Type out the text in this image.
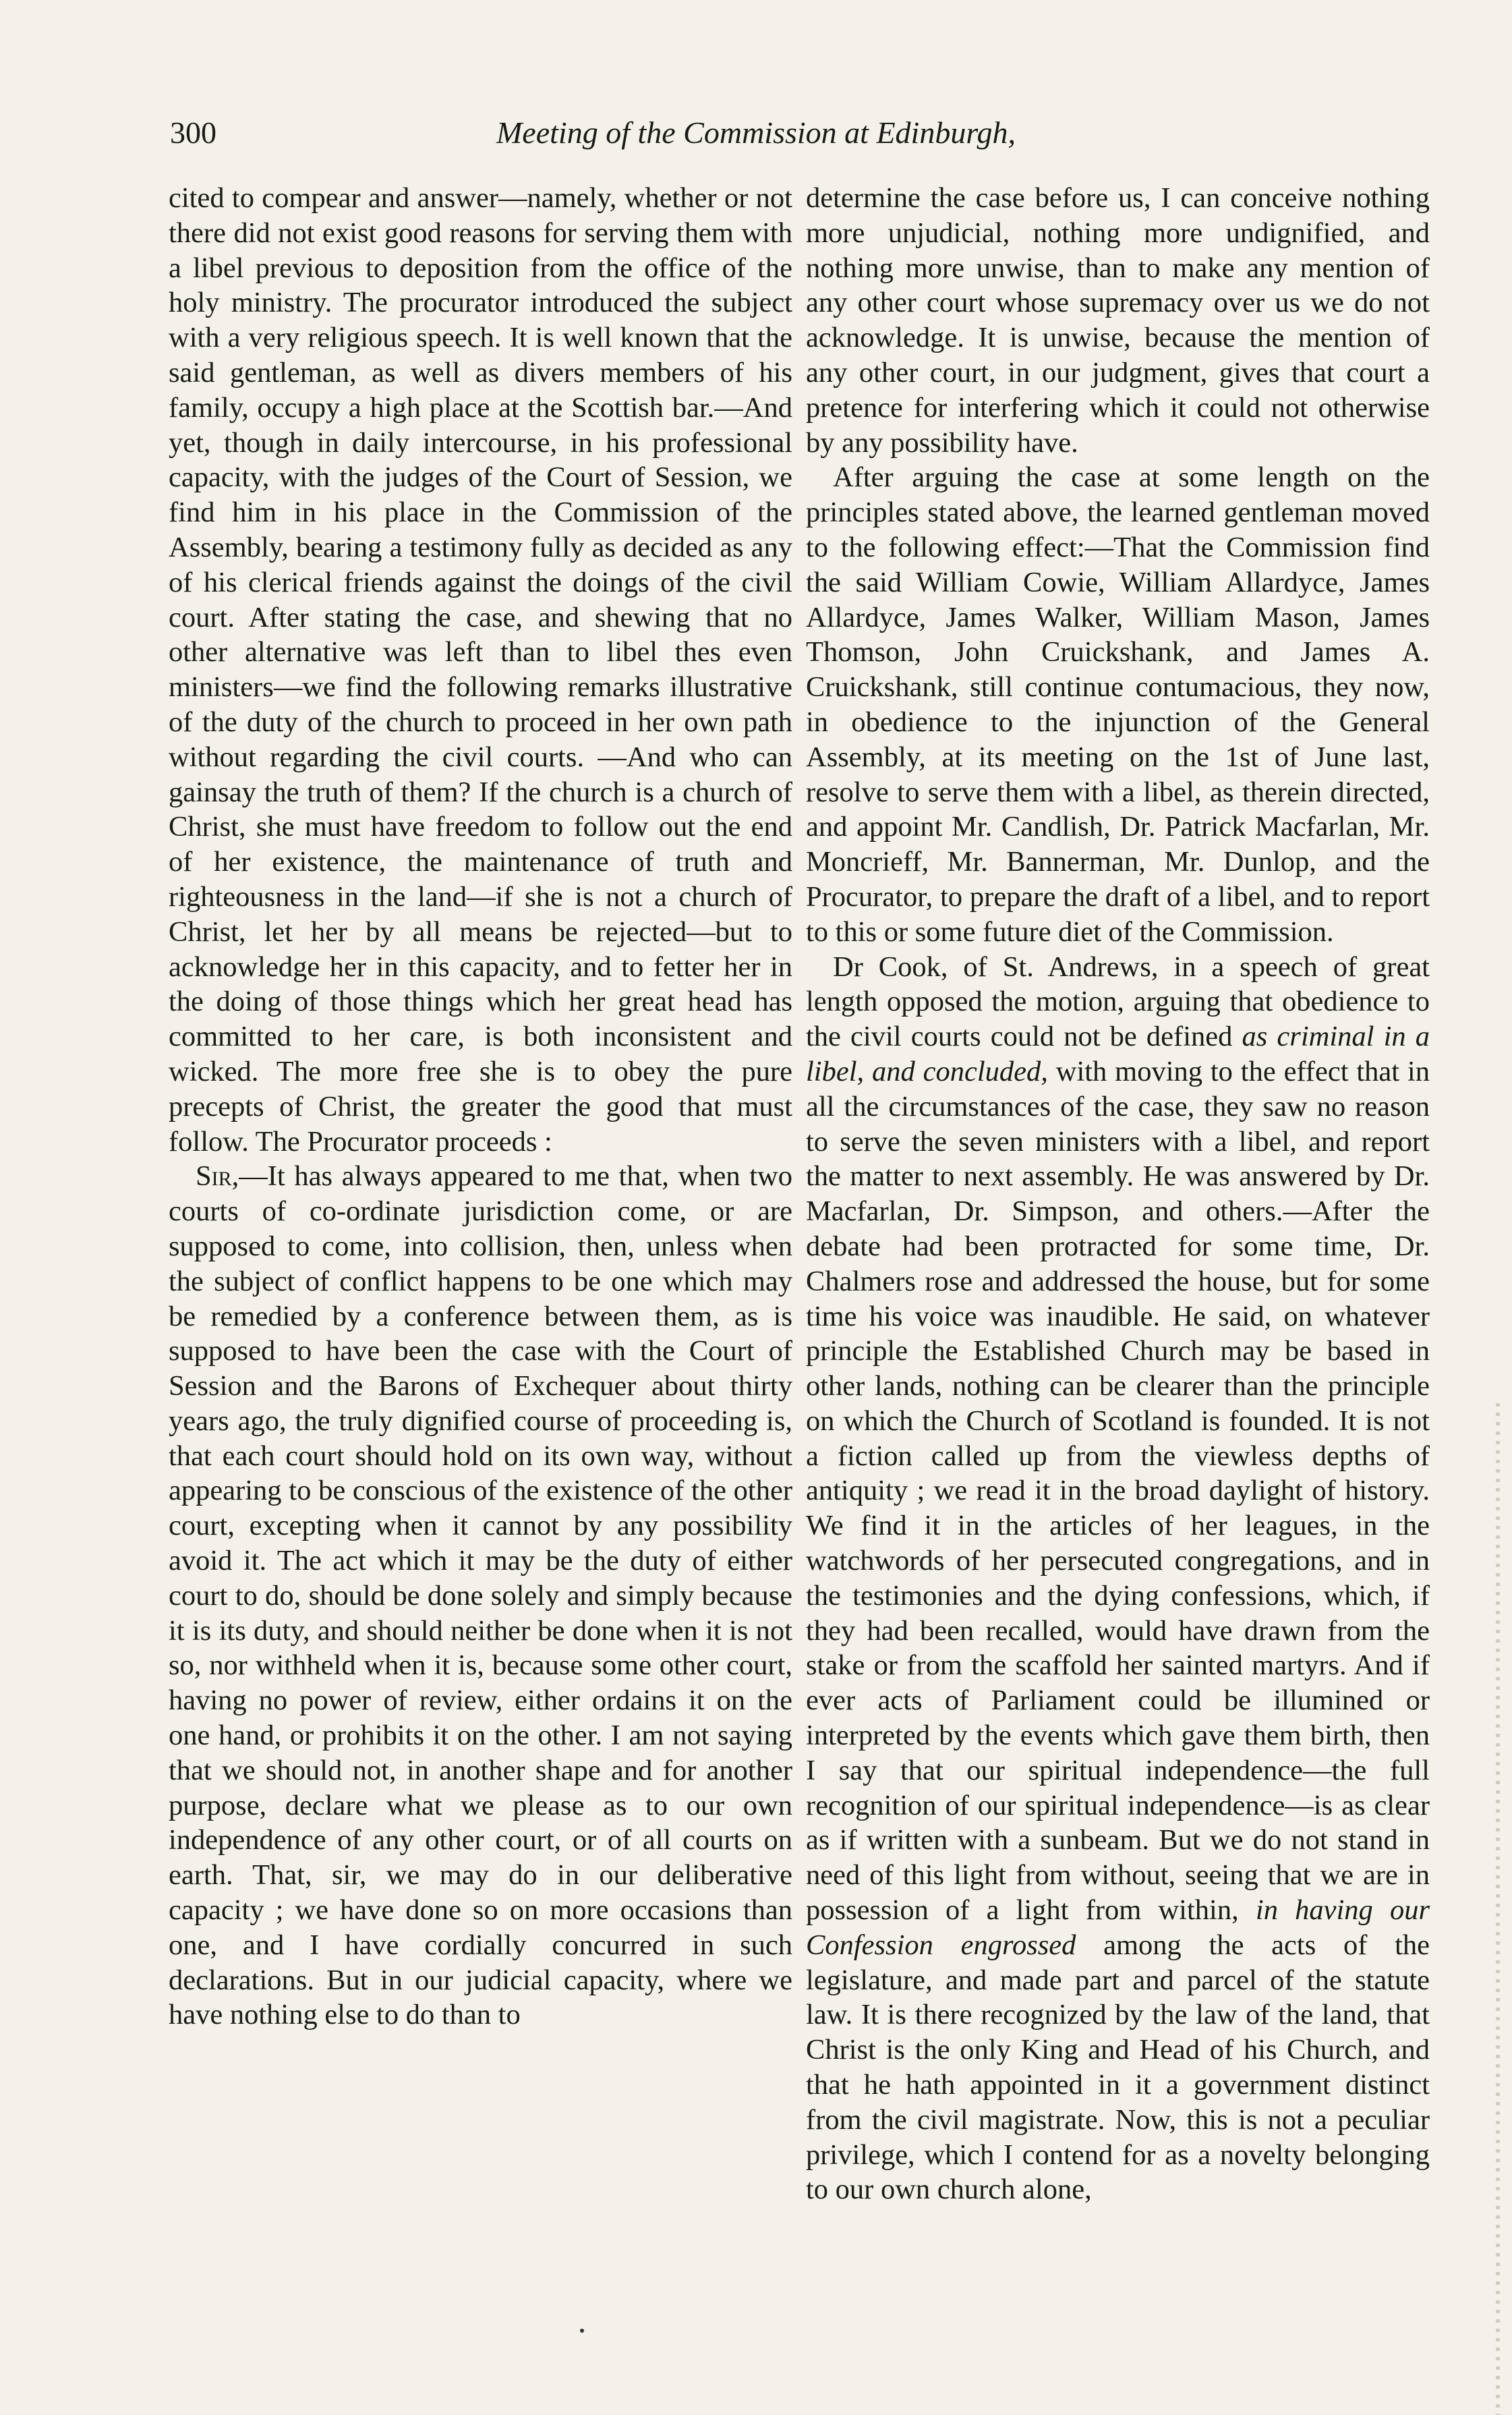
300	Meeting of the Commission at Edinburgh,

cited to compear and answer—namely, whether or not there did not exist good reasons for serving them with a libel previous to deposition from the office of the holy ministry. The procurator introduced the subject with a very religious speech. It is well known that the said gentleman, as well as divers members of his family, occupy a high place at the Scottish bar.—And yet, though in daily intercourse, in his professional capacity, with the judges of the Court of Session, we find him in his place in the Commission of the Assembly, bearing a testimony fully as decided as any of his clerical friends against the doings of the civil court. After stating the case, and shewing that no other alternative was left than to libel thes even ministers—we find the following remarks illustrative of the duty of the church to proceed in her own path without regarding the civil courts. —And who can gainsay the truth of them? If the church is a church of Christ, she must have freedom to follow out the end of her existence, the maintenance of truth and righteousness in the land—if she is not a church of Christ, let her by all means be rejected—but to acknowledge her in this capacity, and to fetter her in the doing of those things which her great head has committed to her care, is both inconsistent and wicked. The more free she is to obey the pure precepts of Christ, the greater the good that must follow. The Procurator proceeds :

Sir,—It has always appeared to me that, when two courts of co-ordinate jurisdiction come, or are supposed to come, into collision, then, unless when the subject of conflict happens to be one which may be remedied by a conference between them, as is supposed to have been the case with the Court of Session and the Barons of Exchequer about thirty years ago, the truly dignified course of proceeding is, that each court should hold on its own way, without appearing to be conscious of the existence of the other court, excepting when it cannot by any possibility avoid it. The act which it may be the duty of either court to do, should be done solely and simply because it is its duty, and should neither be done when it is not so, nor withheld when it is, because some other court, having no power of review, either ordains it on the one hand, or prohibits it on the other. I am not saying that we should not, in another shape and for another purpose, declare what we please as to our own independence of any other court, or of all courts on earth. That, sir, we may do in our deliberative capacity ; we have done so on more occasions than one, and I have cordially concurred in such declarations. But in our judicial capacity, where we have nothing else to do than to

determine the case before us, I can conceive nothing more unjudicial, nothing more undignified, and nothing more unwise, than to make any mention of any other court whose supremacy over us we do not acknowledge. It is unwise, because the mention of any other court, in our judgment, gives that court a pretence for interfering which it could not otherwise by any possibility have.

After arguing the case at some length on the principles stated above, the learned gentleman moved to the following effect:—That the Commission find the said William Cowie, William Allardyce, James Allardyce, James Walker, William Mason, James Thomson, John Cruickshank, and James A. Cruickshank, still continue contumacious, they now, in obedience to the injunction of the General Assembly, at its meeting on the 1st of June last, resolve to serve them with a libel, as therein directed, and appoint Mr. Candlish, Dr. Patrick Macfarlan, Mr. Moncrieff, Mr. Bannerman, Mr. Dunlop, and the Procurator, to prepare the draft of a libel, and to report to this or some future diet of the Commission.

Dr Cook, of St. Andrews, in a speech of great length opposed the motion, arguing that obedience to the civil courts could not be defined as criminal in a libel, and concluded, with moving to the effect that in all the circumstances of the case, they saw no reason to serve the seven ministers with a libel, and report the matter to next assembly. He was answered by Dr. Macfarlan, Dr. Simpson, and others.—After the debate had been protracted for some time, Dr. Chalmers rose and addressed the house, but for some time his voice was inaudible. He said, on whatever principle the Established Church may be based in other lands, nothing can be clearer than the principle on which the Church of Scotland is founded. It is not a fiction called up from the viewless depths of antiquity ; we read it in the broad daylight of history. We find it in the articles of her leagues, in the watchwords of her persecuted congregations, and in the testimonies and the dying confessions, which, if they had been recalled, would have drawn from the stake or from the scaffold her sainted martyrs. And if ever acts of Parliament could be illumined or interpreted by the events which gave them birth, then I say that our spiritual independence—the full recognition of our spiritual independence—is as clear as if written with a sunbeam. But we do not stand in need of this light from without, seeing that we are in possession of a light from within, in having our Confession engrossed among the acts of the legislature, and made part and parcel of the statute law. It is there recognized by the law of the land, that Christ is the only King and Head of his Church, and that he hath appointed in it a government distinct from the civil magistrate. Now, this is not a peculiar privilege, which I contend for as a novelty belonging to our own church alone,
